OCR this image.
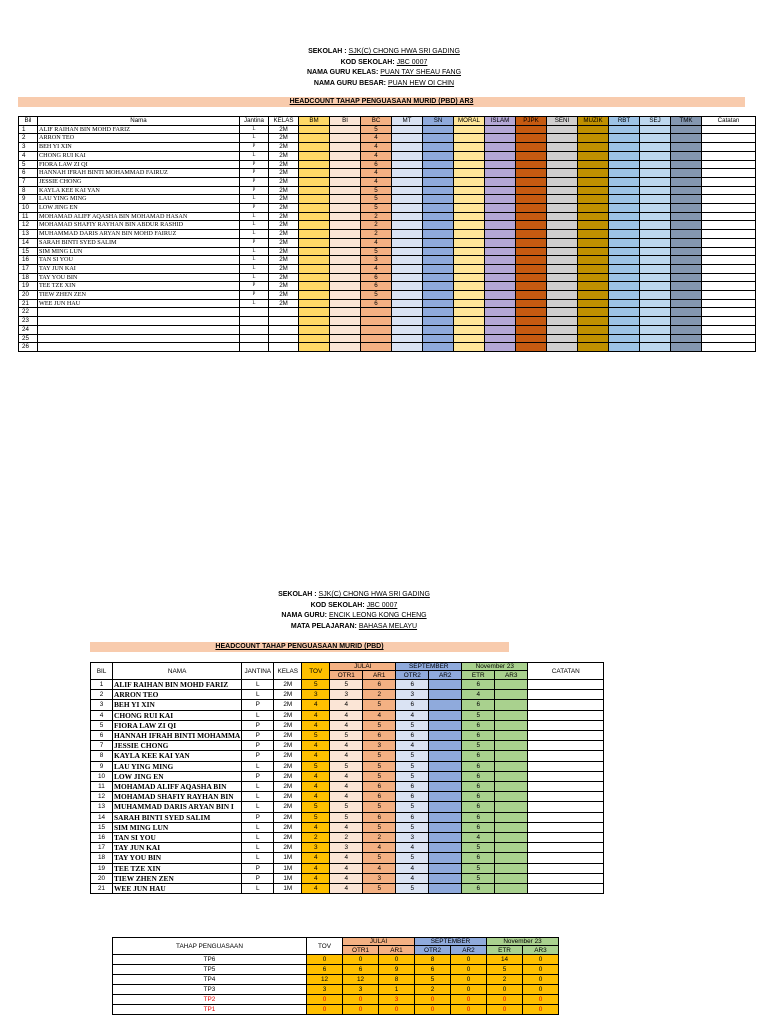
SEKOLAH : SJK(C) CHONG HWA SRI GADING
KOD SEKOLAH: JBC 0007
NAMA GURU KELAS: PUAN TAY SHEAU FANG
NAMA GURU BESAR: PUAN HEW OI CHIN
HEADCOUNT TAHAP PENGUASAAN MURID (PBD) AR3
Bil	Nama	Jantina	KELAS	BM	BI	BC	MT	SN	MORAL	ISLAM	PJPK	SENI	MUZIK	RBT	SEJ	TMK	Catatan
1	ALIF RAIHAN BIN MOHD FARIZ	L	2M			5											
2	ARRON TEO	L	2M			4											
3	BEH YI XIN	P	2M			4											
4	CHONG RUI KAI	L	2M			4											
5	FIORA LAW ZI QI	P	2M			6											
6	HANNAH IFRAH BINTI MOHAMMAD FAIRUZ	P	2M			4											
7	JESSIE CHONG	P	2M			4											
8	KAYLA KEE KAI YAN	P	2M			5											
9	LAU YING MING	L	2M			5											
10	LOW JING EN	P	2M			5											
11	MOHAMAD ALIFF AQASHA BIN MOHAMAD HASAN	L	2M			2											
12	MOHAMAD SHAFIY RAYHAN BIN ABDUR RASHID	L	2M			2											
13	MUHAMMAD DARIS ARYAN BIN MOHD FAIRUZ	L	2M			2											
14	SARAH BINTI SYED SALIM	P	2M			4											
15	SIM MING LUN	L	2M			5											
16	TAN SI YOU	L	2M			3											
17	TAY JUN KAI	L	2M			4											
18	TAY YOU BIN	L	2M			6											
19	TEE TZE XIN	P	2M			6											
20	TIEW ZHEN ZEN	P	2M			5											
21	WEE JUN HAU	L	2M			6											
22																	
23																	
24																	
25																	
26																	
SEKOLAH : SJK(C) CHONG HWA SRI GADING
KOD SEKOLAH: JBC 0007
NAMA GURU: ENCIK LEONG KONG CHENG
MATA PELAJARAN: BAHASA MELAYU
HEADCOUNT TAHAP PENGUASAAN MURID (PBD)
BIL	NAMA	JANTINA	KELAS	TOV	JULAI		SEPTEMBER		November 23		CATATAN
					OTR1	AR1	OTR2	AR2	ETR	AR3	
1	ALIF RAIHAN BIN MOHD FARIZ	L	2M	5	5	6	6		6		
2	ARRON TEO	L	2M	3	3	2	3		4		
3	BEH YI XIN	P	2M	4	4	5	6		6		
4	CHONG RUI KAI	L	2M	4	4	4	4		5		
5	FIORA LAW ZI QI	P	2M	4	4	5	5		6		
6	HANNAH IFRAH BINTI MOHAMMA	P	2M	5	5	6	6		6		
7	JESSIE CHONG	P	2M	4	4	3	4		5		
8	KAYLA KEE KAI YAN	P	2M	4	4	5	5		6		
9	LAU YING MING	L	2M	5	5	5	5		6		
10	LOW JING EN	P	2M	4	4	5	5		6		
11	MOHAMAD ALIFF AQASHA BIN	L	2M	4	4	6	6		6		
12	MOHAMAD SHAFIY RAYHAN BIN	L	2M	4	4	6	6		6		
13	MUHAMMAD DARIS ARYAN BIN I	L	2M	5	5	5	5		6		
14	SARAH BINTI SYED SALIM	P	2M	5	5	6	6		6		
15	SIM MING LUN	L	2M	4	4	5	5		6		
16	TAN SI YOU	L	2M	2	2	2	3		4		
17	TAY JUN KAI	L	2M	3	3	4	4		5		
18	TAY YOU BIN	L	1M	4	4	5	5		6		
19	TEE TZE XIN	P	1M	4	4	4	4		5		
20	TIEW ZHEN ZEN	P	1M	4	4	3	4		5		
21	WEE JUN HAU	L	1M	4	4	5	5		6		
TAHAP PENGUASAAN	TOV	JULAI		SEPTEMBER		November 23	
		OTR1	AR1	OTR2	AR2	ETR	AR3
TP6	0	0	0	8	0	14	0
TP5	6	6	9	6	0	5	0
TP4	12	12	8	5	0	2	0
TP3	3	3	1	2	0	0	0
TP2	0	0	3	0	0	0	0
TP1	0	0	0	0	0	0	0
